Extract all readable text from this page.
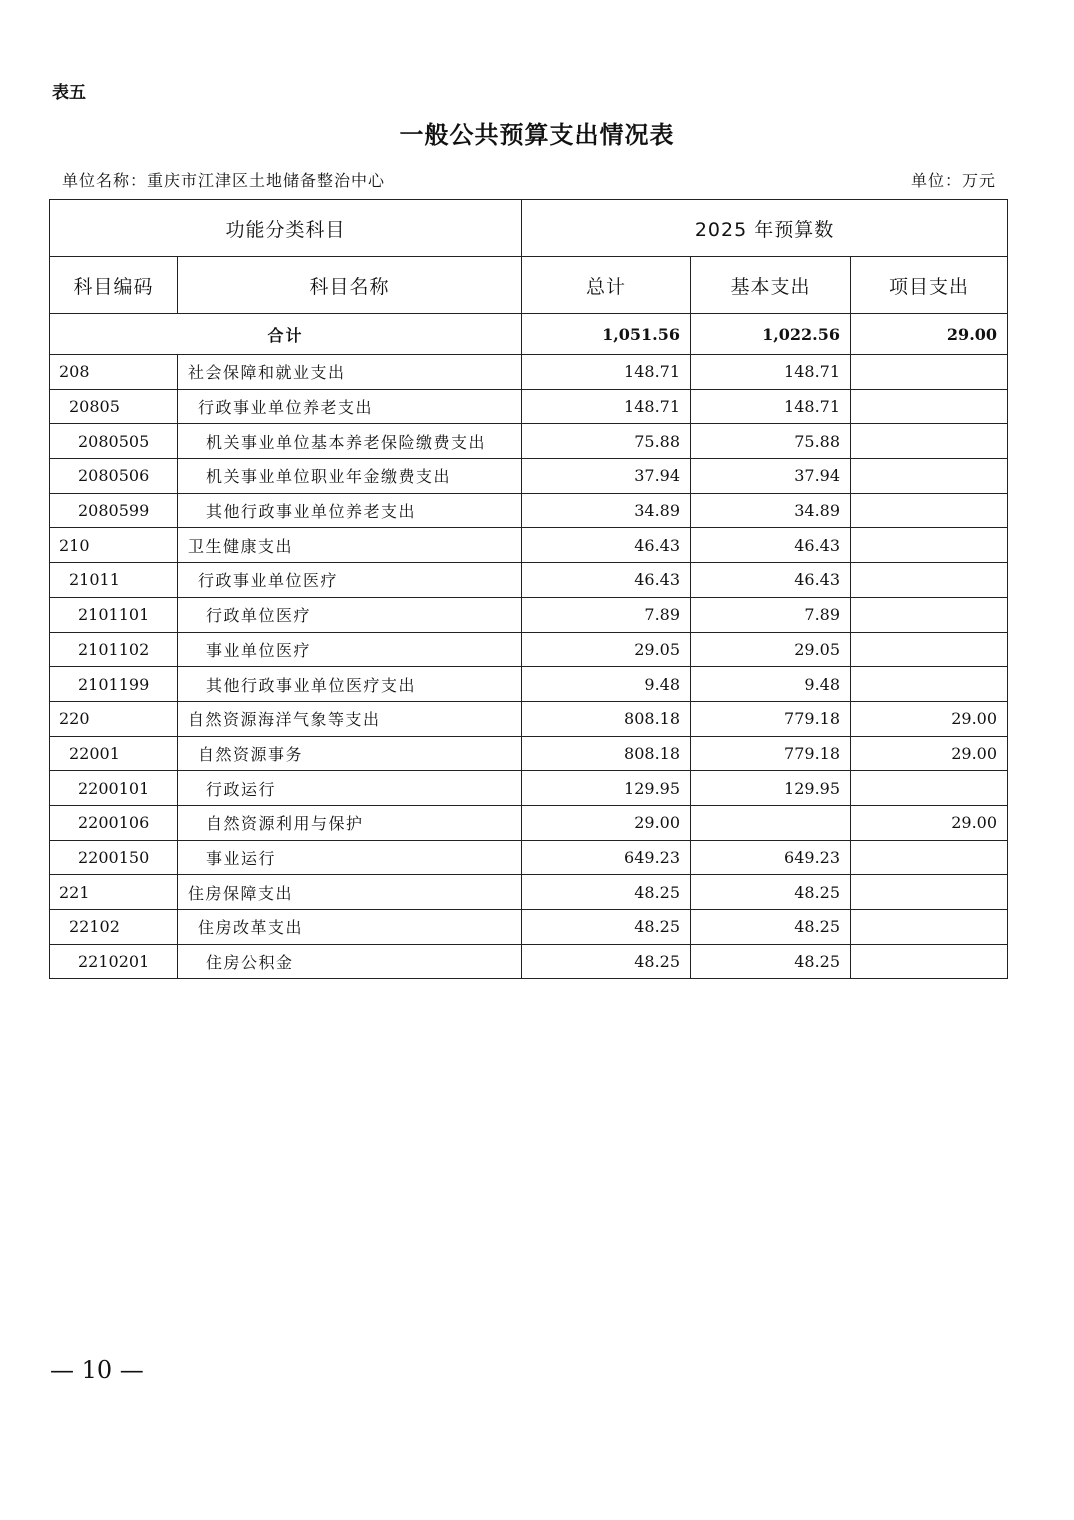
表五
一般公共预算支出情况表
单位名称：重庆市江津区土地储备整治中心	单位：万元
功能分类科目		2025 年预算数		
科目编码	科目名称	总计	基本支出	项目支出
合计		1,051.56	1,022.56	29.00
208	社会保障和就业支出	148.71	148.71	
20805	行政事业单位养老支出	148.71	148.71	
2080505	机关事业单位基本养老保险缴费支出	75.88	75.88	
2080506	机关事业单位职业年金缴费支出	37.94	37.94	
2080599	其他行政事业单位养老支出	34.89	34.89	
210	卫生健康支出	46.43	46.43	
21011	行政事业单位医疗	46.43	46.43	
2101101	行政单位医疗	7.89	7.89	
2101102	事业单位医疗	29.05	29.05	
2101199	其他行政事业单位医疗支出	9.48	9.48	
220	自然资源海洋气象等支出	808.18	779.18	29.00
22001	自然资源事务	808.18	779.18	29.00
2200101	行政运行	129.95	129.95	
2200106	自然资源利用与保护	29.00		29.00
2200150	事业运行	649.23	649.23	
221	住房保障支出	48.25	48.25	
22102	住房改革支出	48.25	48.25	
2210201	住房公积金	48.25	48.25	
— 10 —
